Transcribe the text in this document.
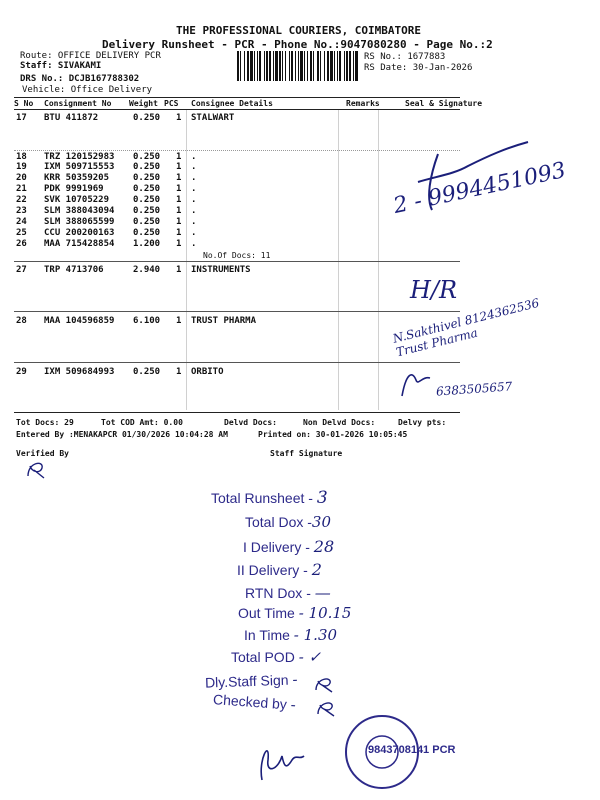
THE PROFESSIONAL COURIERS, COIMBATORE
Delivery Runsheet - PCR - Phone No.:9047080280 - Page No.:2
Route: OFFICE DELIVERY PCR
Staff: SIVAKAMI
DRS No.: DCJB167788302
Vehicle: Office Delivery
RS No.: 1677883
RS Date: 30-Jan-2026
S No Consignment No Weight PCS Consignee Details	Remarks	Seal & Signature
17 BTU 411872	0.250 1 STALWART
18 TRZ 120152983 0.250 1 .
19 IXM 509715553 0.250 1 .
20 KRR 50359205	0.250 1 .
21 PDK 9991969	0.250 1 .
22 SVK 10705229	0.250 1 .
23 SLM 388043094 0.250 1 .
24 SLM 388065599 0.250 1 .
25 CCU 200200163 0.250 1 .
26 MAA 715428854 1.200 1 .
No.Of Docs: 11
27 TRP 4713706	2.940 1 INSTRUMENTS
28 MAA 104596859 6.100 1 TRUST PHARMA
29 IXM 509684993 0.250 1 ORBITO
Tot Docs: 29	Tot COD Amt: 0.00	Delvd Docs:	Non Delvd Docs:	Delvy pts:
Entered By :MENAKAPCR 01/30/2026 10:04:28 AM	Printed on: 30-01-2026 10:05:45
Verified By	Staff Signature
2 - 9994451093
H/R
N.Sakthivel 8124362536 Trust Pharma
6383505657
Total Runsheet - 3
Total Dox -30
I Delivery - 28
II Delivery - 2
RTN Dox - —
Out Time - 10.15
In Time - 1.30
Total POD - ✓
Dly.Staff Sign -
Checked by -
9843708141 PCR
